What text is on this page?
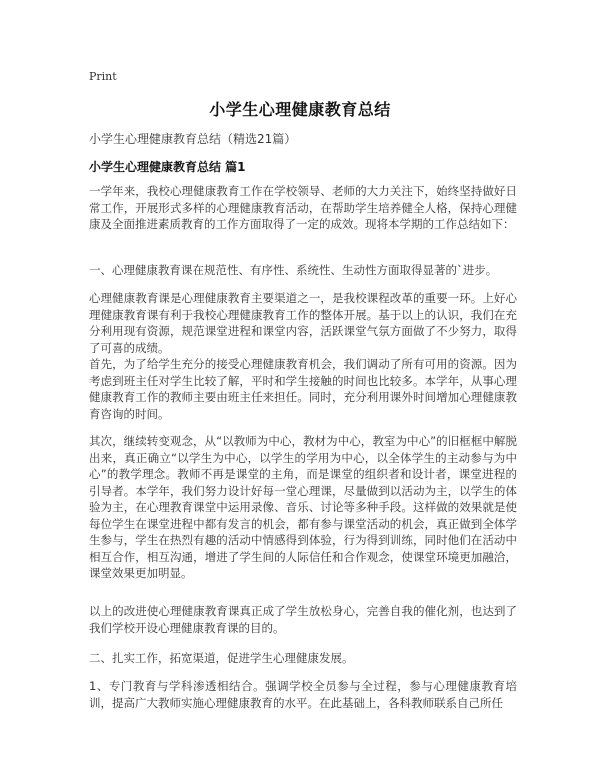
Print
小学生心理健康教育总结
小学生心理健康教育总结（精选21篇）
小学生心理健康教育总结 篇1

一学年来，我校心理健康教育工作在学校领导、老师的大力关注下，始终坚持做好日常工作，开展形式多样的心理健康教育活动，在帮助学生培养健全人格，保持心理健康及全面推进素质教育的工作方面取得了一定的成效。现将本学期的工作总结如下：

一、心理健康教育课在规范性、有序性、系统性、生动性方面取得显著的`进步。

心理健康教育课是心理健康教育主要渠道之一，是我校课程改革的重要一环。上好心理健康教育课有利于我校心理健康教育工作的整体开展。基于以上的认识，我们在充分利用现有资源，规范课堂进程和课堂内容，活跃课堂气氛方面做了不少努力，取得了可喜的成绩。

首先，为了给学生充分的接受心理健康教育机会，我们调动了所有可用的资源。因为考虑到班主任对学生比较了解，平时和学生接触的时间也比较多。本学年，从事心理健康教育工作的教师主要由班主任来担任。同时，充分利用课外时间增加心理健康教育咨询的时间。

其次，继续转变观念，从“以教师为中心，教材为中心，教室为中心”的旧框框中解脱出来，真正确立“以学生为中心，以学生的学用为中心，以全体学生的主动参与为中心”的教学理念。教师不再是课堂的主角，而是课堂的组织者和设计者，课堂进程的引导者。本学年，我们努力设计好每一堂心理课，尽量做到以活动为主，以学生的体验为主，在心理教育课堂中运用录像、音乐、讨论等多种手段。这样做的效果就是使每位学生在课堂进程中都有发言的机会，都有参与课堂活动的机会，真正做到全体学生参与，学生在热烈有趣的活动中情感得到体验，行为得到训练，同时他们在活动中相互合作，相互沟通，增进了学生间的人际信任和合作观念，使课堂环境更加融洽，课堂效果更加明显。

以上的改进使心理健康教育课真正成了学生放松身心，完善自我的催化剂，也达到了我们学校开设心理健康教育课的目的。

二、扎实工作，拓宽渠道，促进学生心理健康发展。

1、专门教育与学科渗透相结合。强调学校全员参与全过程，参与心理健康教育培训，提高广大教师实施心理健康教育的水平。在此基础上，各科教师联系自己所任
